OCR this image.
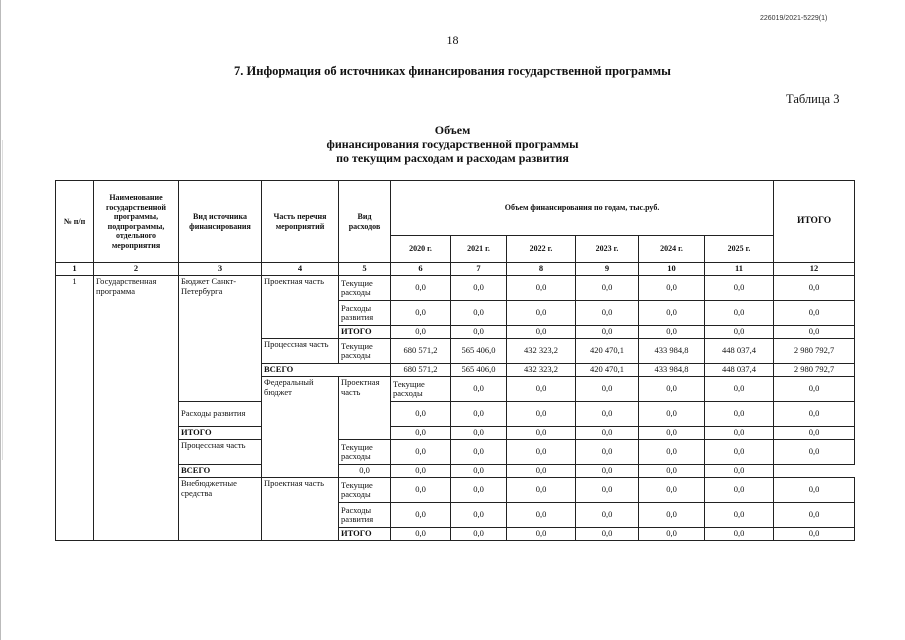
226019/2021-5229(1)
18
7. Информация об источниках финансирования государственной программы
Таблица 3
Объем
финансирования государственной программы
по текущим расходам и расходам развития
№ п/п	Наименование государственной программы, подпрограммы, отдельного мероприятия	Вид источника финансирования	Часть перечня мероприятий	Вид расходов	Объем финансирования по годам, тыс.руб.						ИТОГО	
					2020 г.	2021 г.	2022 г.	2023 г.	2024 г.	2025 г.		
1	2	3	4	5	6	7	8	9	10	11	12	
1	Государственная программа	Бюджет Санкт-Петербурга	Проектная часть	Текущие расходы	0,0	0,0	0,0	0,0	0,0	0,0	0,0	
				Расходы развития	0,0	0,0	0,0	0,0	0,0	0,0	0,0	
				ИТОГО	0,0	0,0	0,0	0,0	0,0	0,0	0,0	
			Процессная часть	Текущие расходы	680 571,2	565 406,0	432 323,2	420 470,1	433 984,8	448 037,4	2 980 792,7	
			ВСЕГО		680 571,2	565 406,0	432 323,2	420 470,1	433 984,8	448 037,4	2 980 792,7	
			Федеральный бюджет	Проектная часть	Текущие расходы	0,0	0,0	0,0	0,0	0,0	0,0	
		Расходы развития			0,0	0,0	0,0	0,0	0,0	0,0	0,0	
		ИТОГО			0,0	0,0	0,0	0,0	0,0	0,0	0,0	
		Процессная часть		Текущие расходы	0,0	0,0	0,0	0,0	0,0	0,0	0,0	
		ВСЕГО		0,0	0,0	0,0	0,0	0,0	0,0	0,0		
		Внебюджетные средства	Проектная часть	Текущие расходы	0,0	0,0	0,0	0,0	0,0	0,0	0,0	
				Расходы развития	0,0	0,0	0,0	0,0	0,0	0,0	0,0	
				ИТОГО	0,0	0,0	0,0	0,0	0,0	0,0	0,0	
